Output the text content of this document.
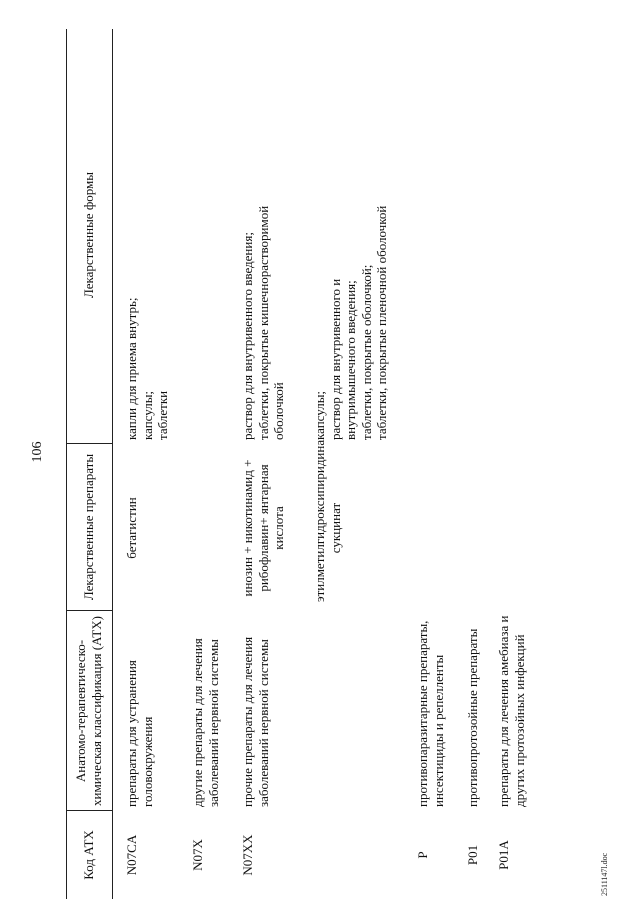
106
Код АТХ
Анатомо-терапевтическо-химическая классификация (АТХ)
Лекарственные препараты
Лекарственные формы
N07CA
препараты для устранения головокружения
бетагистин
капли для приема внутрь; капсулы; таблетки
N07X
другие препараты для лечения заболеваний нервной системы
N07XX
прочие препараты для лечения заболеваний нервной системы
инозин + никотинамид + рибофлавин+ янтарная кислота
раствор для внутривенного введения; таблетки, покрытые кишечнорастворимой оболочкой
этилметилгидроксипиридина сукцинат
капсулы; раствор для внутривенного и внутримышечного введения; таблетки, покрытые оболочкой; таблетки, покрытые пленочной оболочкой
P
противопаразитарные препараты, инсектициды и репелленты
P01
противопротозойные препараты
P01A
препараты для лечения амебиаза и других протозойных инфекций
2511147l.doc
